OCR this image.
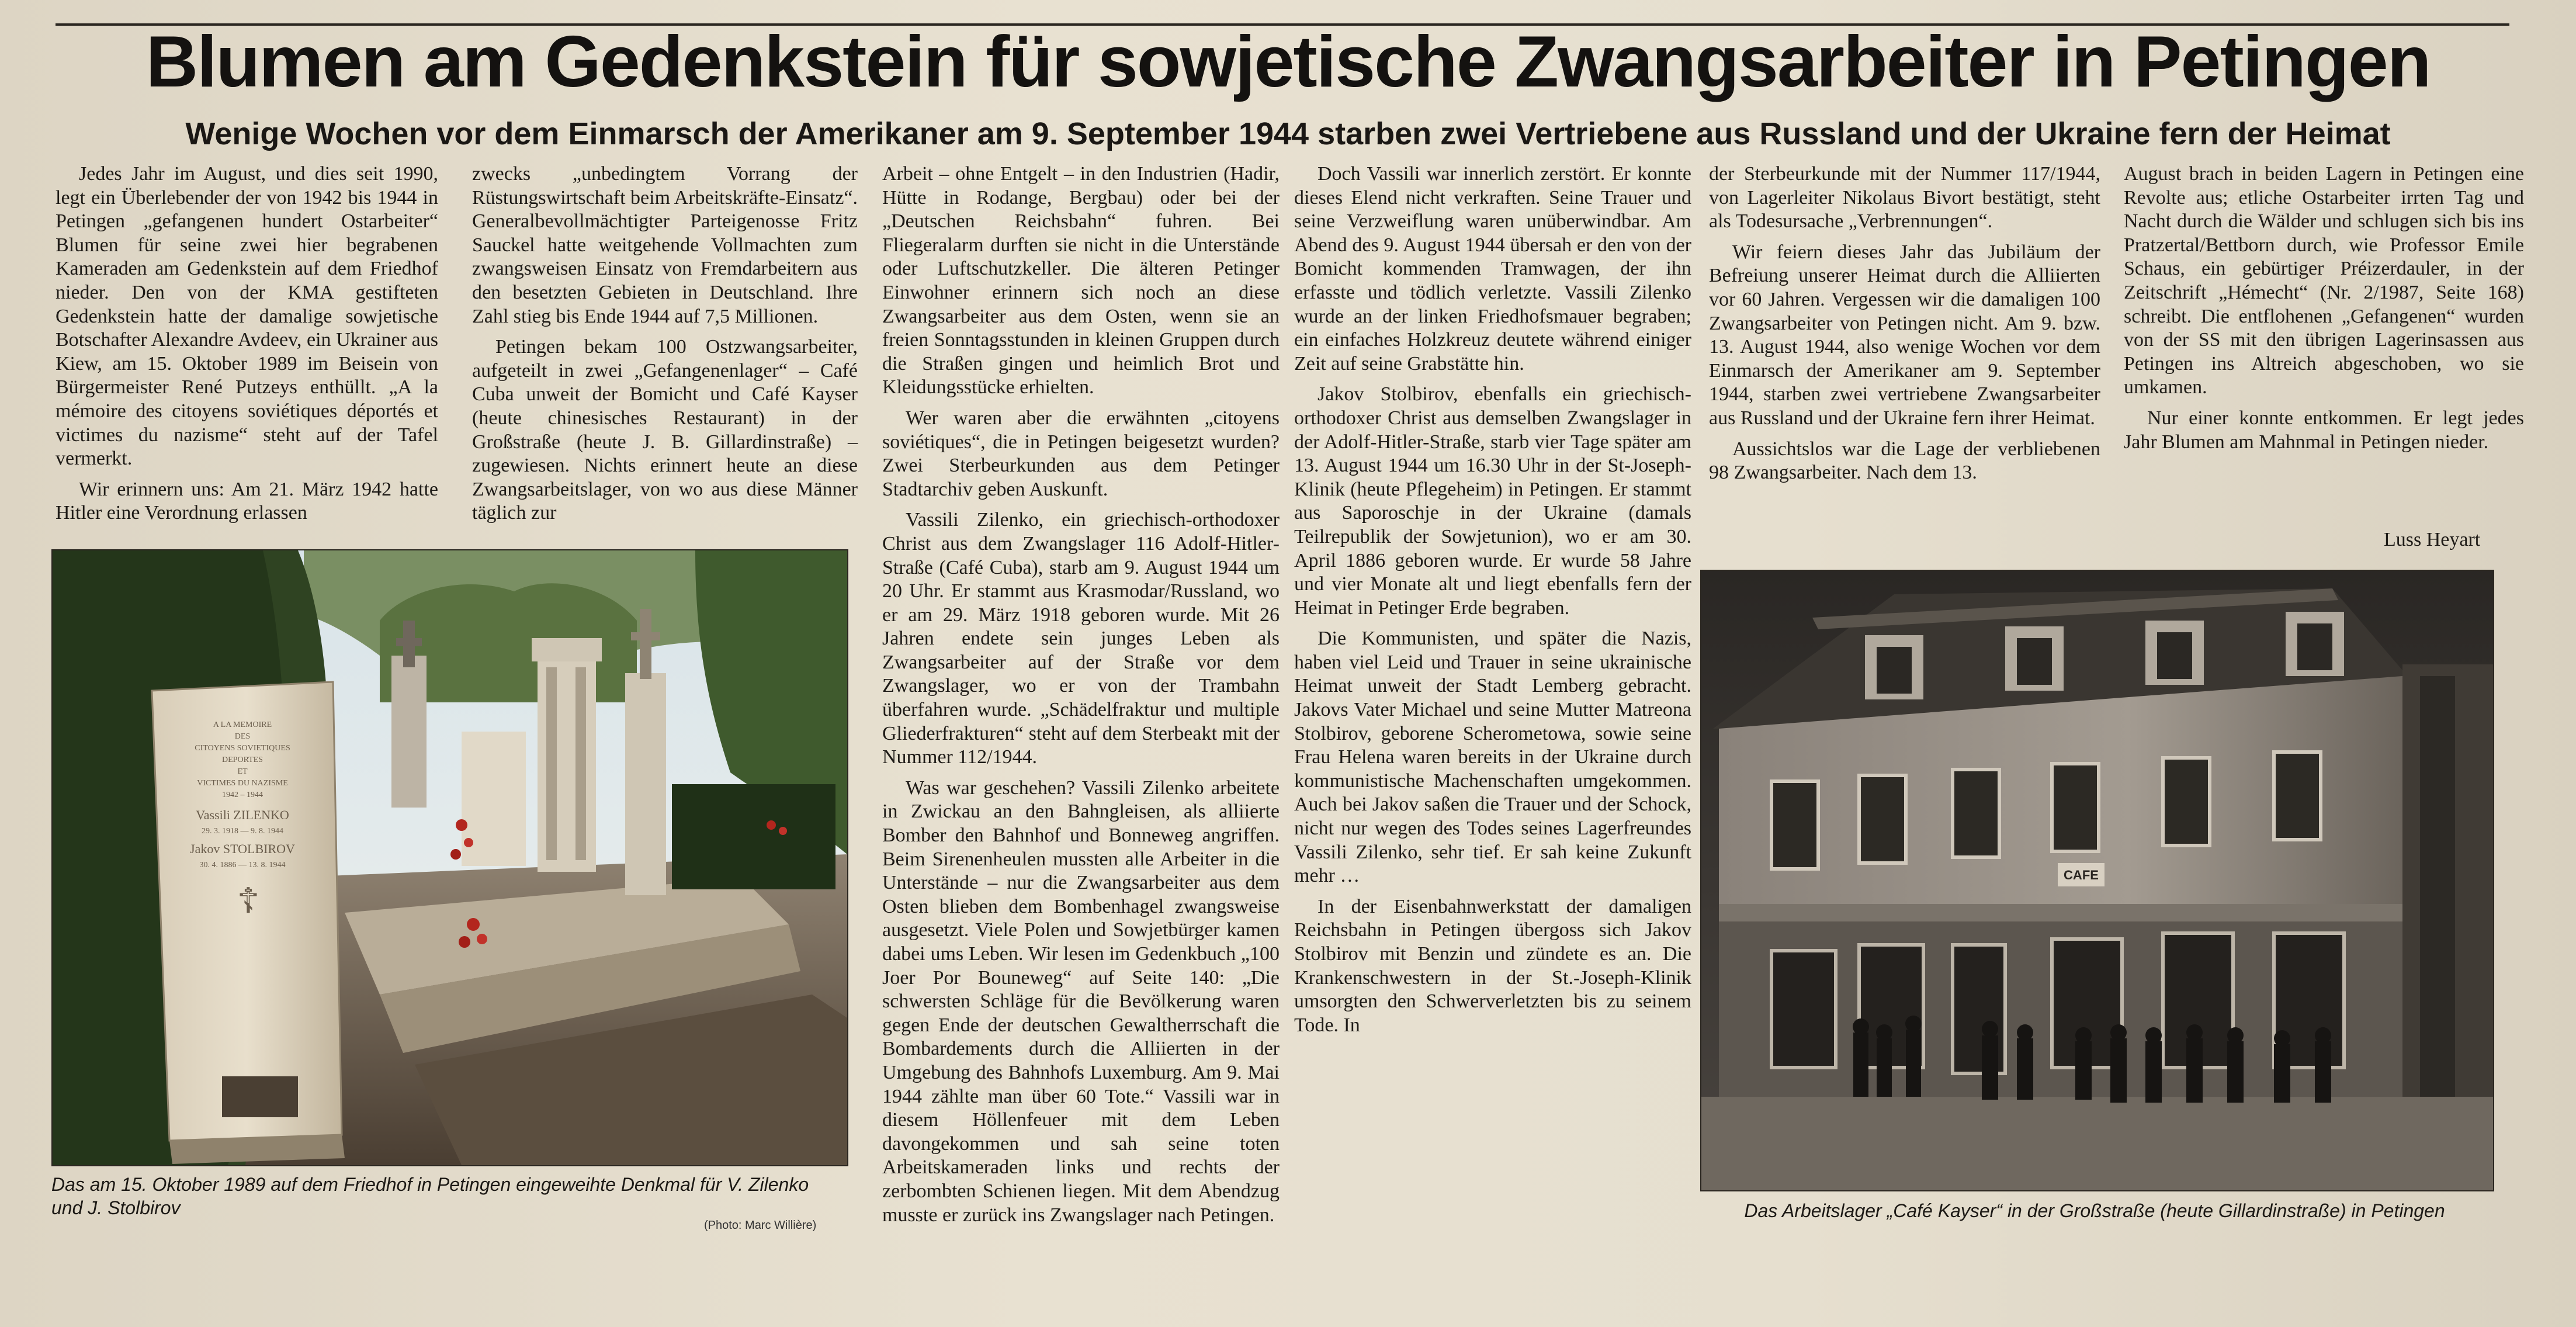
Blumen am Gedenkstein für sowjetische Zwangsarbeiter in Petingen
Wenige Wochen vor dem Einmarsch der Amerikaner am 9. September 1944 starben zwei Vertriebene aus Russland und der Ukraine fern der Heimat

Jedes Jahr im August, und dies seit 1990, legt ein Überlebender der von 1942 bis 1944 in Petingen „gefangenen hundert Ostarbeiter“ Blumen für seine zwei hier begrabenen Kameraden am Gedenkstein auf dem Friedhof nieder. Den von der KMA gestifteten Gedenkstein hatte der damalige sowjetische Botschafter Alexandre Avdeev, ein Ukrainer aus Kiew, am 15. Oktober 1989 im Beisein von Bürgermeister René Putzeys enthüllt. „A la mémoire des citoyens soviétiques déportés et victimes du nazisme“ steht auf der Tafel vermerkt.

Wir erinnern uns: Am 21. März 1942 hatte Hitler eine Verordnung erlassen

zwecks „unbedingtem Vorrang der Rüstungswirtschaft beim Arbeitskräfte-Einsatz“. Generalbevollmächtigter Parteigenosse Fritz Sauckel hatte weitgehende Vollmachten zum zwangsweisen Einsatz von Fremdarbeitern aus den besetzten Gebieten in Deutschland. Ihre Zahl stieg bis Ende 1944 auf 7,5 Millionen.

Petingen bekam 100 Ostzwangsarbeiter, aufgeteilt in zwei „Gefangenenlager“ – Café Cuba unweit der Bomicht und Café Kayser (heute chinesisches Restaurant) in der Großstraße (heute J. B. Gillardinstraße) – zugewiesen. Nichts erinnert heute an diese Zwangsarbeitslager, von wo aus diese Männer täglich zur

Arbeit – ohne Entgelt – in den Industrien (Hadir, Hütte in Rodange, Bergbau) oder bei der „Deutschen Reichsbahn“ fuhren. Bei Fliegeralarm durften sie nicht in die Unterstände oder Luftschutzkeller. Die älteren Petinger Einwohner erinnern sich noch an diese Zwangsarbeiter aus dem Osten, wenn sie an freien Sonntagsstunden in kleinen Gruppen durch die Straßen gingen und heimlich Brot und Kleidungsstücke erhielten.

Wer waren aber die erwähnten „citoyens soviétiques“, die in Petingen beigesetzt wurden? Zwei Sterbeurkunden aus dem Petinger Stadtarchiv geben Auskunft.

Vassili Zilenko, ein griechisch-orthodoxer Christ aus dem Zwangslager 116 Adolf-Hitler-Straße (Café Cuba), starb am 9. August 1944 um 20 Uhr. Er stammt aus Krasmodar/Russland, wo er am 29. März 1918 geboren wurde. Mit 26 Jahren endete sein junges Leben als Zwangsarbeiter auf der Straße vor dem Zwangslager, wo er von der Trambahn überfahren wurde. „Schädelfraktur und multiple Gliederfrakturen“ steht auf dem Sterbeakt mit der Nummer 112/1944.

Was war geschehen? Vassili Zilenko arbeitete in Zwickau an den Bahngleisen, als alliierte Bomber den Bahnhof und Bonneweg angriffen. Beim Sirenenheulen mussten alle Arbeiter in die Unterstände – nur die Zwangsarbeiter aus dem Osten blieben dem Bombenhagel zwangsweise ausgesetzt. Viele Polen und Sowjetbürger kamen dabei ums Leben. Wir lesen im Gedenkbuch „100 Joer Por Bouneweg“ auf Seite 140: „Die schwersten Schläge für die Bevölkerung waren gegen Ende der deutschen Gewaltherrschaft die Bombardements durch die Alliierten in der Umgebung des Bahnhofs Luxemburg. Am 9. Mai 1944 zählte man über 60 Tote.“ Vassili war in diesem Höllenfeuer mit dem Leben davongekommen und sah seine toten Arbeitskameraden links und rechts der zerbombten Schienen liegen. Mit dem Abendzug musste er zurück ins Zwangslager nach Petingen.

Doch Vassili war innerlich zerstört. Er konnte dieses Elend nicht verkraften. Seine Trauer und seine Verzweiflung waren unüberwindbar. Am Abend des 9. August 1944 übersah er den von der Bomicht kommenden Tramwagen, der ihn erfasste und tödlich verletzte. Vassili Zilenko wurde an der linken Friedhofsmauer begraben; ein einfaches Holzkreuz deutete während einiger Zeit auf seine Grabstätte hin.

Jakov Stolbirov, ebenfalls ein griechisch-orthodoxer Christ aus demselben Zwangslager in der Adolf-Hitler-Straße, starb vier Tage später am 13. August 1944 um 16.30 Uhr in der St-Joseph-Klinik (heute Pflegeheim) in Petingen. Er stammt aus Saporoschje in der Ukraine (damals Teilrepublik der Sowjetunion), wo er am 30. April 1886 geboren wurde. Er wurde 58 Jahre und vier Monate alt und liegt ebenfalls fern der Heimat in Petinger Erde begraben.

Die Kommunisten, und später die Nazis, haben viel Leid und Trauer in seine ukrainische Heimat unweit der Stadt Lemberg gebracht. Jakovs Vater Michael und seine Mutter Matreona Stolbirov, geborene Scherometowa, sowie seine Frau Helena waren bereits in der Ukraine durch kommunistische Machenschaften umgekommen. Auch bei Jakov saßen die Trauer und der Schock, nicht nur wegen des Todes seines Lagerfreundes Vassili Zilenko, sehr tief. Er sah keine Zukunft mehr …

In der Eisenbahnwerkstatt der damaligen Reichsbahn in Petingen übergoss sich Jakov Stolbirov mit Benzin und zündete es an. Die Krankenschwestern in der St.-Joseph-Klinik umsorgten den Schwerverletzten bis zu seinem Tode. In

der Sterbeurkunde mit der Nummer 117/1944, von Lagerleiter Nikolaus Bivort bestätigt, steht als Todesursache „Verbrennungen“.

Wir feiern dieses Jahr das Jubiläum der Befreiung unserer Heimat durch die Alliierten vor 60 Jahren. Vergessen wir die damaligen 100 Zwangsarbeiter von Petingen nicht. Am 9. bzw. 13. August 1944, also wenige Wochen vor dem Einmarsch der Amerikaner am 9. September 1944, starben zwei vertriebene Zwangsarbeiter aus Russland und der Ukraine fern ihrer Heimat.

Aussichtslos war die Lage der verbliebenen 98 Zwangsarbeiter. Nach dem 13.

August brach in beiden Lagern in Petingen eine Revolte aus; etliche Ostarbeiter irrten Tag und Nacht durch die Wälder und schlugen sich bis ins Pratzertal/Bettborn durch, wie Professor Emile Schaus, ein gebürtiger Préizerdauler, in der Zeitschrift „Hémecht“ (Nr. 2/1987, Seite 168) schreibt. Die entflohenen „Gefangenen“ wurden von der SS mit den übrigen Lagerinsassen aus Petingen ins Altreich abgeschoben, wo sie umkamen.

Nur einer konnte entkommen. Er legt jedes Jahr Blumen am Mahnmal in Petingen nieder.

Luss Heyart
A LA MEMOIRE
DES
CITOYENS SOVIETIQUES
DEPORTES
ET
VICTIMES DU NAZISME
1942 – 1944
Vassili ZILENKO
29. 3. 1918 — 9. 8. 1944
Jakov STOLBIROV
30. 4. 1886 — 13. 8. 1944
☦
Das am 15. Oktober 1989 auf dem Friedhof in Petingen eingeweihte Denkmal für V. Zilenko und J. Stolbirov
(Photo: Marc Willière)
CAFE
Das Arbeitslager „Café Kayser“ in der Großstraße (heute Gillardinstraße) in Petingen
